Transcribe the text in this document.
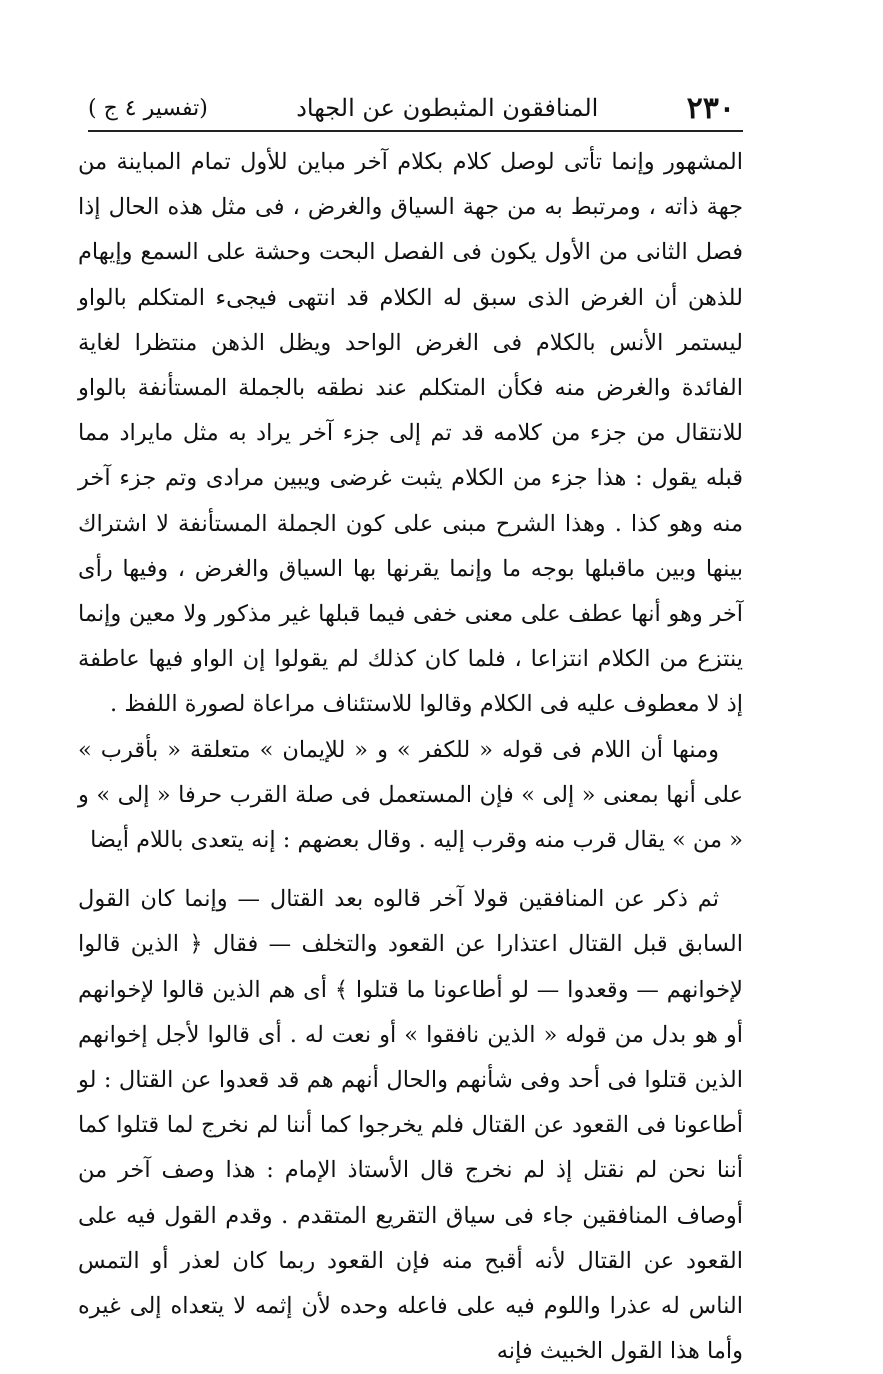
٢٣٠
المنافقون المثبطون عن الجهاد
(تفسير ٤ ج )

المشهور وإنما تأتى لوصل كلام بكلام آخر مباين للأول تمام المباينة من جهة ذاته ، ومرتبط به من جهة السياق والغرض ، فى مثل هذه الحال إذا فصل الثانى من الأول يكون فى الفصل البحت وحشة على السمع وإيهام للذهن أن الغرض الذى سبق له الكلام قد انتهى فيجىء المتكلم بالواو ليستمر الأنس بالكلام فى الغرض الواحد ويظل الذهن منتظرا لغاية الفائدة والغرض منه فكأن المتكلم عند نطقه بالجملة المستأنفة بالواو للانتقال من جزء من كلامه قد تم إلى جزء آخر يراد به مثل مايراد مما قبله يقول : هذا جزء من الكلام يثبت غرضى ويبين مرادى وتم جزء آخر منه وهو كذا . وهذا الشرح مبنى على كون الجملة المستأنفة لا اشتراك بينها وبين ماقبلها بوجه ما وإنما يقرنها بها السياق والغرض ، وفيها رأى آخر وهو أنها عطف على معنى خفى فيما قبلها غير مذكور ولا معين وإنما ينتزع من الكلام انتزاعا ، فلما كان كذلك لم يقولوا إن الواو فيها عاطفة إذ لا معطوف عليه فى الكلام وقالوا للاستئناف مراعاة لصورة اللفظ .

ومنها أن اللام فى قوله « للكفر » و « للإيمان » متعلقة « بأقرب » على أنها بمعنى « إلى » فإن المستعمل فى صلة القرب حرفا « إلى » و « من » يقال قرب منه وقرب إليه . وقال بعضهم : إنه يتعدى باللام أيضا

ثم ذكر عن المنافقين قولا آخر قالوه بعد القتال — وإنما كان القول السابق قبل القتال اعتذارا عن القعود والتخلف — فقال ﴿ الذين قالوا لإخوانهم — وقعدوا — لو أطاعونا ما قتلوا ﴾ أى هم الذين قالوا لإخوانهم أو هو بدل من قوله « الذين نافقوا » أو نعت له . أى قالوا لأجل إخوانهم الذين قتلوا فى أحد وفى شأنهم والحال أنهم هم قد قعدوا عن القتال : لو أطاعونا فى القعود عن القتال فلم يخرجوا كما أننا لم نخرج لما قتلوا كما أننا نحن لم نقتل إذ لم نخرج قال الأستاذ الإمام : هذا وصف آخر من أوصاف المنافقين جاء فى سياق التقريع المتقدم . وقدم القول فيه على القعود عن القتال لأنه أقبح منه فإن القعود ربما كان لعذر أو التمس الناس له عذرا واللوم فيه على فاعله وحده لأن إثمه لا يتعداه إلى غيره وأما هذا القول الخبيث فإنه
